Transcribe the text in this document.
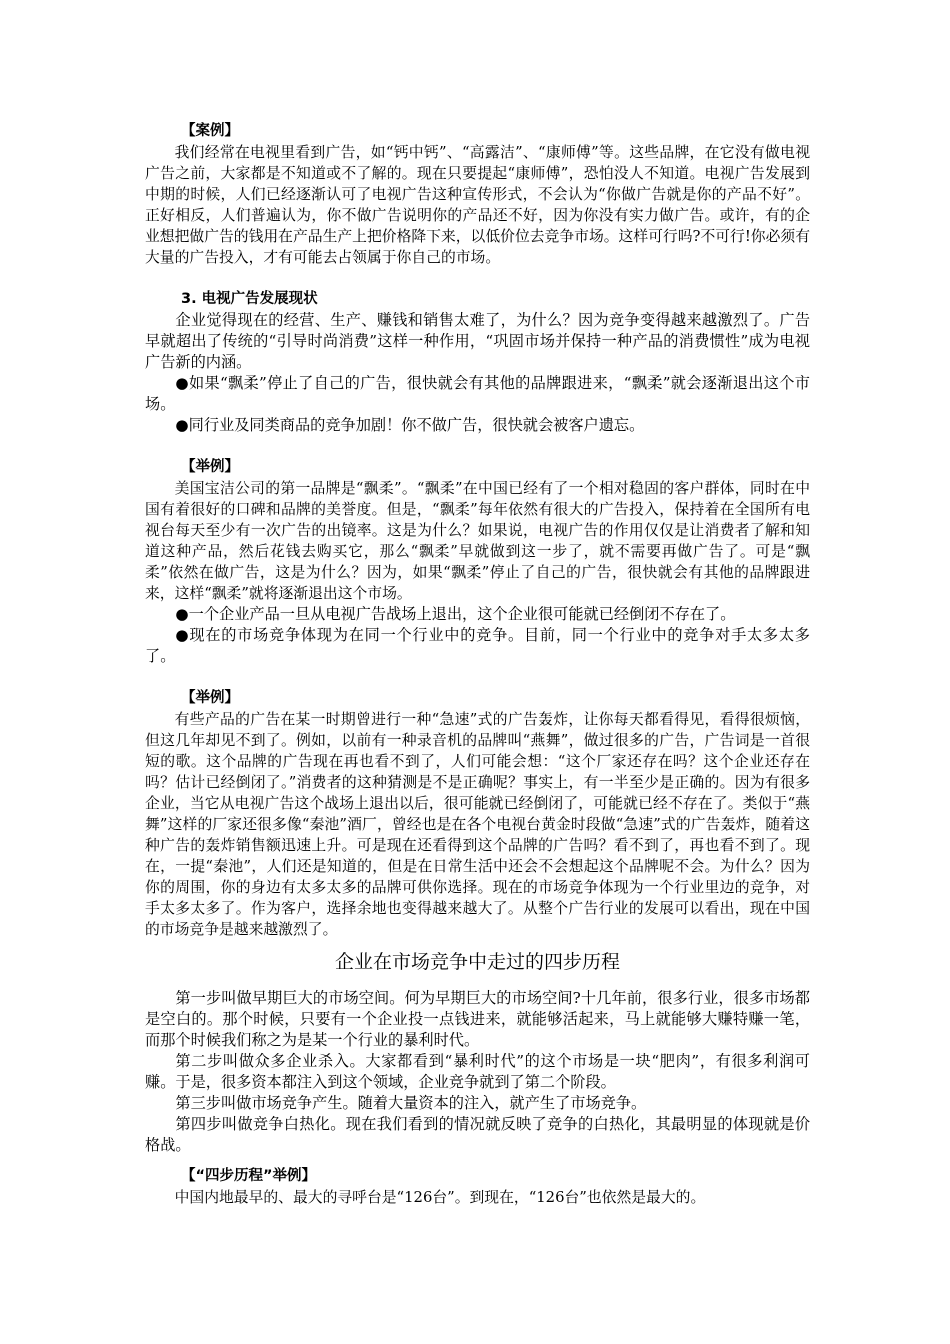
【案例】

我们经常在电视里看到广告，如“钙中钙”、“高露洁”、“康师傅”等。这些品牌，在它没有做电视广告之前，大家都是不知道或不了解的。现在只要提起“康师傅”，恐怕没人不知道。电视广告发展到中期的时候，人们已经逐渐认可了电视广告这种宣传形式，不会认为“你做广告就是你的产品不好”。正好相反，人们普遍认为，你不做广告说明你的产品还不好，因为你没有实力做广告。或许，有的企业想把做广告的钱用在产品生产上把价格降下来，以低价位去竞争市场。这样可行吗?不可行!你必须有大量的广告投入，才有可能去占领属于你自己的市场。

3. 电视广告发展现状

企业觉得现在的经营、生产、赚钱和销售太难了，为什么？因为竞争变得越来越激烈了。广告早就超出了传统的“引导时尚消费”这样一种作用，“巩固市场并保持一种产品的消费惯性”成为电视广告新的内涵。

●如果“飘柔”停止了自己的广告，很快就会有其他的品牌跟进来，“飘柔”就会逐渐退出这个市场。

●同行业及同类商品的竞争加剧！你不做广告，很快就会被客户遗忘。

【举例】

美国宝洁公司的第一品牌是“飘柔”。“飘柔”在中国已经有了一个相对稳固的客户群体，同时在中国有着很好的口碑和品牌的美誉度。但是，“飘柔”每年依然有很大的广告投入，保持着在全国所有电视台每天至少有一次广告的出镜率。这是为什么？如果说，电视广告的作用仅仅是让消费者了解和知道这种产品，然后花钱去购买它，那么“飘柔”早就做到这一步了，就不需要再做广告了。可是“飘柔”依然在做广告，这是为什么？因为，如果“飘柔”停止了自己的广告，很快就会有其他的品牌跟进来，这样“飘柔”就将逐渐退出这个市场。

●一个企业产品一旦从电视广告战场上退出，这个企业很可能就已经倒闭不存在了。

●现在的市场竞争体现为在同一个行业中的竞争。目前，同一个行业中的竞争对手太多太多了。

【举例】

有些产品的广告在某一时期曾进行一种“急速”式的广告轰炸，让你每天都看得见，看得很烦恼，但这几年却见不到了。例如，以前有一种录音机的品牌叫“燕舞”，做过很多的广告，广告词是一首很短的歌。这个品牌的广告现在再也看不到了，人们可能会想：“这个厂家还存在吗？这个企业还存在吗？估计已经倒闭了。”消费者的这种猜测是不是正确呢？事实上，有一半至少是正确的。因为有很多企业，当它从电视广告这个战场上退出以后，很可能就已经倒闭了，可能就已经不存在了。类似于“燕舞”这样的厂家还很多像“秦池”酒厂，曾经也是在各个电视台黄金时段做“急速”式的广告轰炸，随着这种广告的轰炸销售额迅速上升。可是现在还看得到这个品牌的广告吗？看不到了，再也看不到了。现在，一提“秦池”，人们还是知道的，但是在日常生活中还会不会想起这个品牌呢不会。为什么？因为你的周围，你的身边有太多太多的品牌可供你选择。现在的市场竞争体现为一个行业里边的竞争，对手太多太多了。作为客户，选择余地也变得越来越大了。从整个广告行业的发展可以看出，现在中国的市场竞争是越来越激烈了。

企业在市场竞争中走过的四步历程

第一步叫做早期巨大的市场空间。何为早期巨大的市场空间?十几年前，很多行业，很多市场都是空白的。那个时候，只要有一个企业投一点钱进来，就能够活起来，马上就能够大赚特赚一笔，而那个时候我们称之为是某一个行业的暴利时代。

第二步叫做众多企业杀入。大家都看到“暴利时代”的这个市场是一块“肥肉”，有很多利润可赚。于是，很多资本都注入到这个领域，企业竞争就到了第二个阶段。

第三步叫做市场竞争产生。随着大量资本的注入，就产生了市场竞争。

第四步叫做竞争白热化。现在我们看到的情况就反映了竞争的白热化，其最明显的体现就是价格战。

【“四步历程”举例】

中国内地最早的、最大的寻呼台是“126台”。到现在，“126台”也依然是最大的。
